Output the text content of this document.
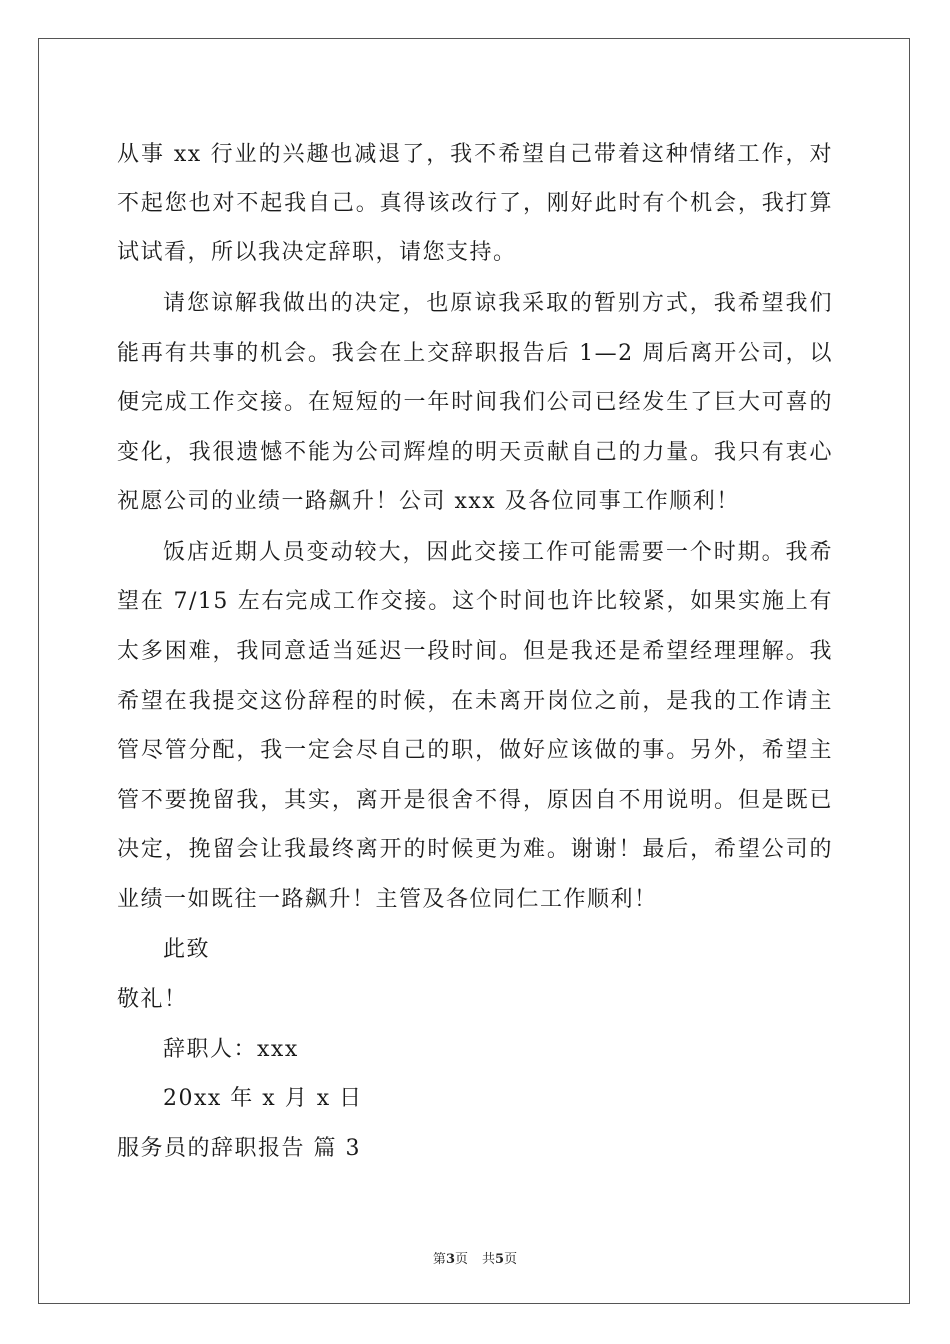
从事 xx 行业的兴趣也减退了，我不希望自己带着这种情绪工作，对
不起您也对不起我自己。真得该改行了，刚好此时有个机会，我打算
试试看，所以我决定辞职，请您支持。
请您谅解我做出的决定，也原谅我采取的暂别方式，我希望我们
能再有共事的机会。我会在上交辞职报告后 1—2 周后离开公司，以
便完成工作交接。在短短的一年时间我们公司已经发生了巨大可喜的
变化，我很遗憾不能为公司辉煌的明天贡献自己的力量。我只有衷心
祝愿公司的业绩一路飙升！公司 xxx 及各位同事工作顺利！
饭店近期人员变动较大，因此交接工作可能需要一个时期。我希
望在 7/15 左右完成工作交接。这个时间也许比较紧，如果实施上有
太多困难，我同意适当延迟一段时间。但是我还是希望经理理解。我
希望在我提交这份辞程的时候，在未离开岗位之前，是我的工作请主
管尽管分配，我一定会尽自己的职，做好应该做的事。另外，希望主
管不要挽留我，其实，离开是很舍不得，原因自不用说明。但是既已
决定，挽留会让我最终离开的时候更为难。谢谢！最后，希望公司的
业绩一如既往一路飙升！主管及各位同仁工作顺利！
此致
敬礼！
辞职人：xxx
20xx 年 x 月 x 日
服务员的辞职报告 篇 3
第3页 共5页
